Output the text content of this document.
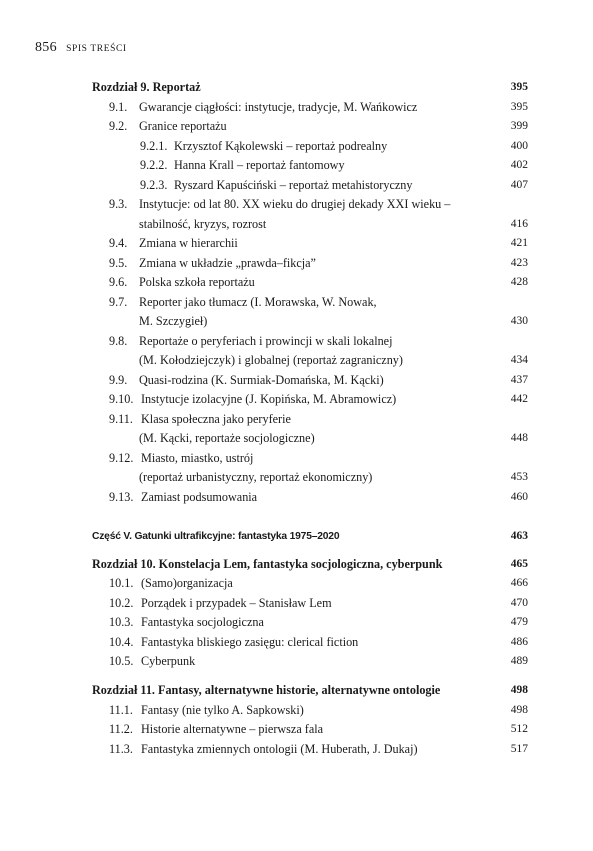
856 SPIS TREŚCI
Rozdział 9. Reportaż	395
9.1. Gwarancje ciągłości: instytucje, tradycje, M. Wańkowicz	395
9.2. Granice reportażu	399
9.2.1. Krzysztof Kąkolewski – reportaż podrealny	400
9.2.2. Hanna Krall – reportaż fantomowy	402
9.2.3. Ryszard Kapuściński – reportaż metahistoryczny	407
9.3. Instytucje: od lat 80. XX wieku do drugiej dekady XXI wieku –
stabilność, kryzys, rozrost	416
9.4. Zmiana w hierarchii	421
9.5. Zmiana w układzie „prawda–fikcja”	423
9.6. Polska szkoła reportażu	428
9.7. Reporter jako tłumacz (I. Morawska, W. Nowak,
M. Szczygieł)	430
9.8. Reportaże o peryferiach i prowincji w skali lokalnej
(M. Kołodziejczyk) i globalnej (reportaż zagraniczny)	434
9.9. Quasi-rodzina (K. Surmiak-Domańska, M. Kącki)	437
9.10. Instytucje izolacyjne (J. Kopińska, M. Abramowicz)	442
9.11. Klasa społeczna jako peryferie
(M. Kącki, reportaże socjologiczne)	448
9.12. Miasto, miastko, ustrój
(reportaż urbanistyczny, reportaż ekonomiczny)	453
9.13. Zamiast podsumowania	460
Część V. Gatunki ultrafikcyjne: fantastyka 1975–2020	463
Rozdział 10. Konstelacja Lem, fantastyka socjologiczna, cyberpunk	465
10.1. (Samo)organizacja	466
10.2. Porządek i przypadek – Stanisław Lem	470
10.3. Fantastyka socjologiczna	479
10.4. Fantastyka bliskiego zasięgu: clerical fiction	486
10.5. Cyberpunk	489
Rozdział 11. Fantasy, alternatywne historie, alternatywne ontologie	498
11.1. Fantasy (nie tylko A. Sapkowski)	498
11.2. Historie alternatywne – pierwsza fala	512
11.3. Fantastyka zmiennych ontologii (M. Huberath, J. Dukaj)	517
